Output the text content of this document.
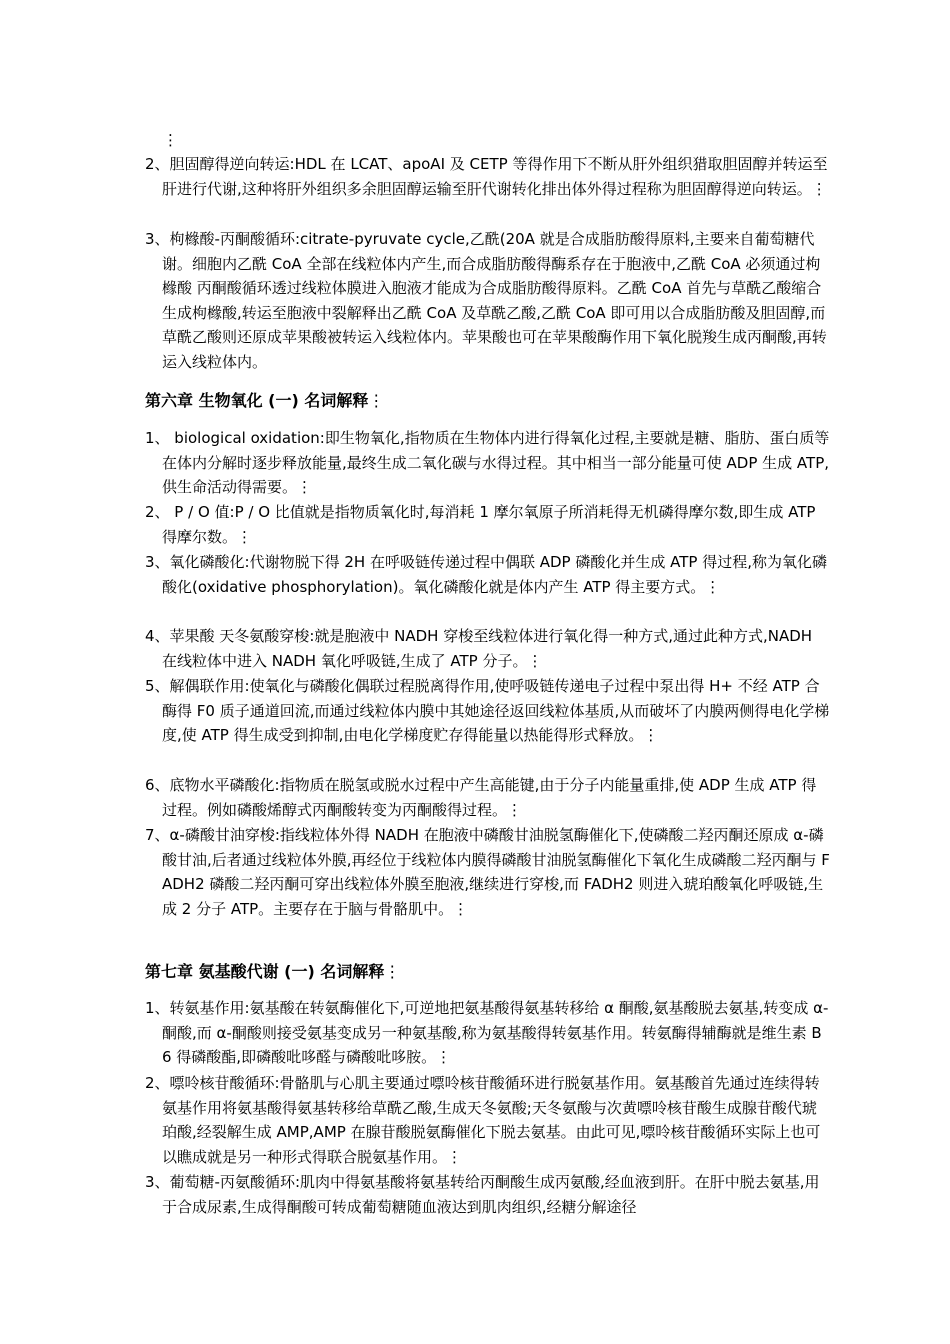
⋮
2、胆固醇得逆向转运:HDL 在 LCAT、apoAI 及 CETP 等得作用下不断从肝外组织猎取胆固醇并转运至肝进行代谢,这种将肝外组织多余胆固醇运输至肝代谢转化排出体外得过程称为胆固醇得逆向转运。⋮
3、枸橼酸-丙酮酸循环:citrate-pyruvate cycle,乙酰(20A 就是合成脂肪酸得原料,主要来自葡萄糖代谢。细胞内乙酰 CoA 全部在线粒体内产生,而合成脂肪酸得酶系存在于胞液中,乙酰 CoA 必须通过枸橼酸 丙酮酸循环透过线粒体膜进入胞液才能成为合成脂肪酸得原料。乙酰 CoA 首先与草酰乙酸缩合生成枸橼酸,转运至胞液中裂解释出乙酰 CoA 及草酰乙酸,乙酰 CoA 即可用以合成脂肪酸及胆固醇,而草酰乙酸则还原成苹果酸被转运入线粒体内。苹果酸也可在苹果酸酶作用下氧化脱羧生成丙酮酸,再转运入线粒体内。
第六章 生物氧化 (一) 名词解释⋮
1、 biological oxidation:即生物氧化,指物质在生物体内进行得氧化过程,主要就是糖、脂肪、蛋白质等在体内分解时逐步释放能量,最终生成二氧化碳与水得过程。其中相当一部分能量可使 ADP 生成 ATP,供生命活动得需要。⋮
2、 P / O 值:P / O 比值就是指物质氧化时,每消耗 1 摩尔氧原子所消耗得无机磷得摩尔数,即生成 ATP 得摩尔数。⋮
3、氧化磷酸化:代谢物脱下得 2H 在呼吸链传递过程中偶联 ADP 磷酸化并生成 ATP 得过程,称为氧化磷酸化(oxidative phosphorylation)。氧化磷酸化就是体内产生 ATP 得主要方式。⋮
4、苹果酸 天冬氨酸穿梭:就是胞液中 NADH 穿梭至线粒体进行氧化得一种方式,通过此种方式,NADH 在线粒体中进入 NADH 氧化呼吸链,生成了 ATP 分子。⋮
5、解偶联作用:使氧化与磷酸化偶联过程脱离得作用,使呼吸链传递电子过程中泵出得 H+ 不经 ATP 合酶得 F0 质子通道回流,而通过线粒体内膜中其她途径返回线粒体基质,从而破坏了内膜两侧得电化学梯度,使 ATP 得生成受到抑制,由电化学梯度贮存得能量以热能得形式释放。⋮
6、底物水平磷酸化:指物质在脱氢或脱水过程中产生高能键,由于分子内能量重排,使 ADP 生成 ATP 得过程。例如磷酸烯醇式丙酮酸转变为丙酮酸得过程。⋮
7、α-磷酸甘油穿梭:指线粒体外得 NADH 在胞液中磷酸甘油脱氢酶催化下,使磷酸二羟丙酮还原成 α-磷酸甘油,后者通过线粒体外膜,再经位于线粒体内膜得磷酸甘油脱氢酶催化下氧化生成磷酸二羟丙酮与 FADH2 磷酸二羟丙酮可穿出线粒体外膜至胞液,继续进行穿梭,而 FADH2 则进入琥珀酸氧化呼吸链,生成 2 分子 ATP。主要存在于脑与骨骼肌中。⋮
第七章 氨基酸代谢 (一) 名词解释⋮
1、转氨基作用:氨基酸在转氨酶催化下,可逆地把氨基酸得氨基转移给 α 酮酸,氨基酸脱去氨基,转变成 α-酮酸,而 α-酮酸则接受氨基变成另一种氨基酸,称为氨基酸得转氨基作用。转氨酶得辅酶就是维生素 B6 得磷酸酯,即磷酸吡哆醛与磷酸吡哆胺。⋮
2、嘌呤核苷酸循环:骨骼肌与心肌主要通过嘌呤核苷酸循环进行脱氨基作用。氨基酸首先通过连续得转氨基作用将氨基酸得氨基转移给草酰乙酸,生成天冬氨酸;天冬氨酸与次黄嘌呤核苷酸生成腺苷酸代琥珀酸,经裂解生成 AMP,AMP 在腺苷酸脱氨酶催化下脱去氨基。由此可见,嘌呤核苷酸循环实际上也可以瞧成就是另一种形式得联合脱氨基作用。⋮
3、葡萄糖-丙氨酸循环:肌肉中得氨基酸将氨基转给丙酮酸生成丙氨酸,经血液到肝。在肝中脱去氨基,用于合成尿素,生成得酮酸可转成葡萄糖随血液达到肌肉组织,经糖分解途径
